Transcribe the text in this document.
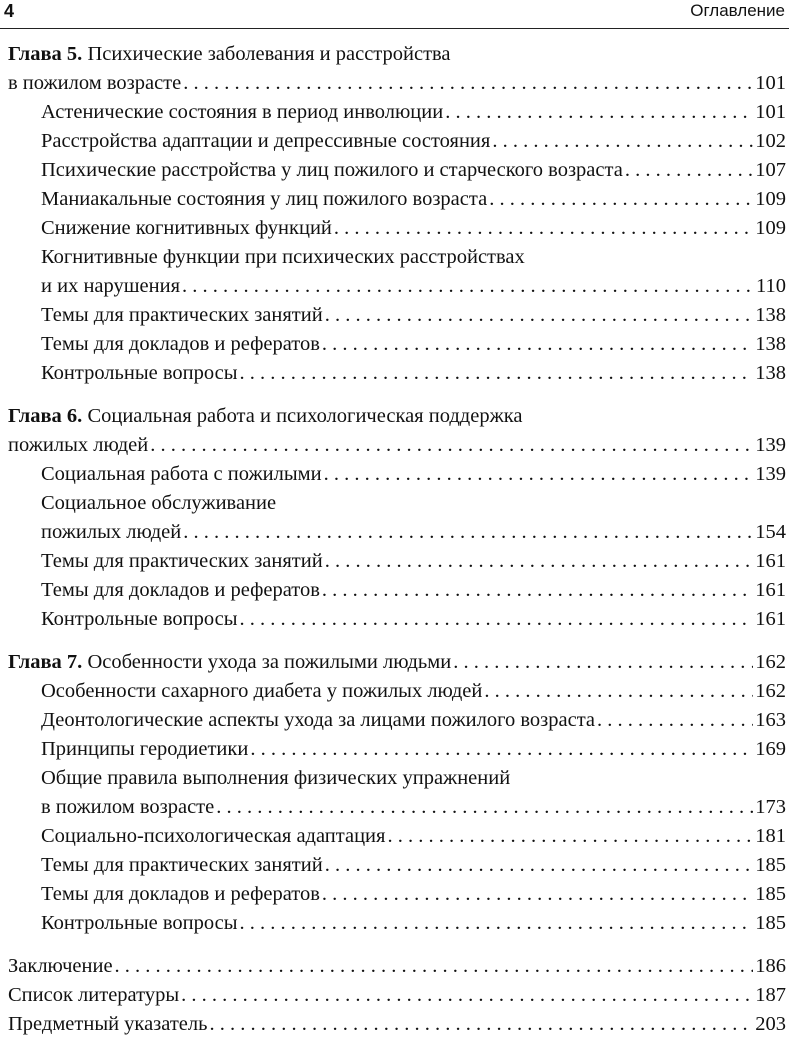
4	Оглавление
Глава 5. Психические заболевания и расстройства
в пожилом возрасте . . .	101
Астенические состояния в период инволюции . . .	101
Расстройства адаптации и депрессивные состояния . . .	102
Психические расстройства у лиц пожилого и старческого возраста . . .	107
Маниакальные состояния у лиц пожилого возраста . . .	109
Снижение когнитивных функций . . .	109
Когнитивные функции при психических расстройствах
и их нарушения . . .	110
Темы для практических занятий . . .	138
Темы для докладов и рефератов . . .	138
Контрольные вопросы . . .	138
Глава 6. Социальная работа и психологическая поддержка
пожилых людей . . .	139
Социальная работа с пожилыми . . .	139
Социальное обслуживание
пожилых людей . . .	154
Темы для практических занятий . . .	161
Темы для докладов и рефератов . . .	161
Контрольные вопросы . . .	161
Глава 7. Особенности ухода за пожилыми людьми . . .	162
Особенности сахарного диабета у пожилых людей . . .	162
Деонтологические аспекты ухода за лицами пожилого возраста . . .	163
Принципы геродиетики . . .	169
Общие правила выполнения физических упражнений
в пожилом возрасте . . .	173
Социально-психологическая адаптация . . .	181
Темы для практических занятий . . .	185
Темы для докладов и рефератов . . .	185
Контрольные вопросы . . .	185
Заключение . . .	186
Список литературы . . .	187
Предметный указатель . . .	203
